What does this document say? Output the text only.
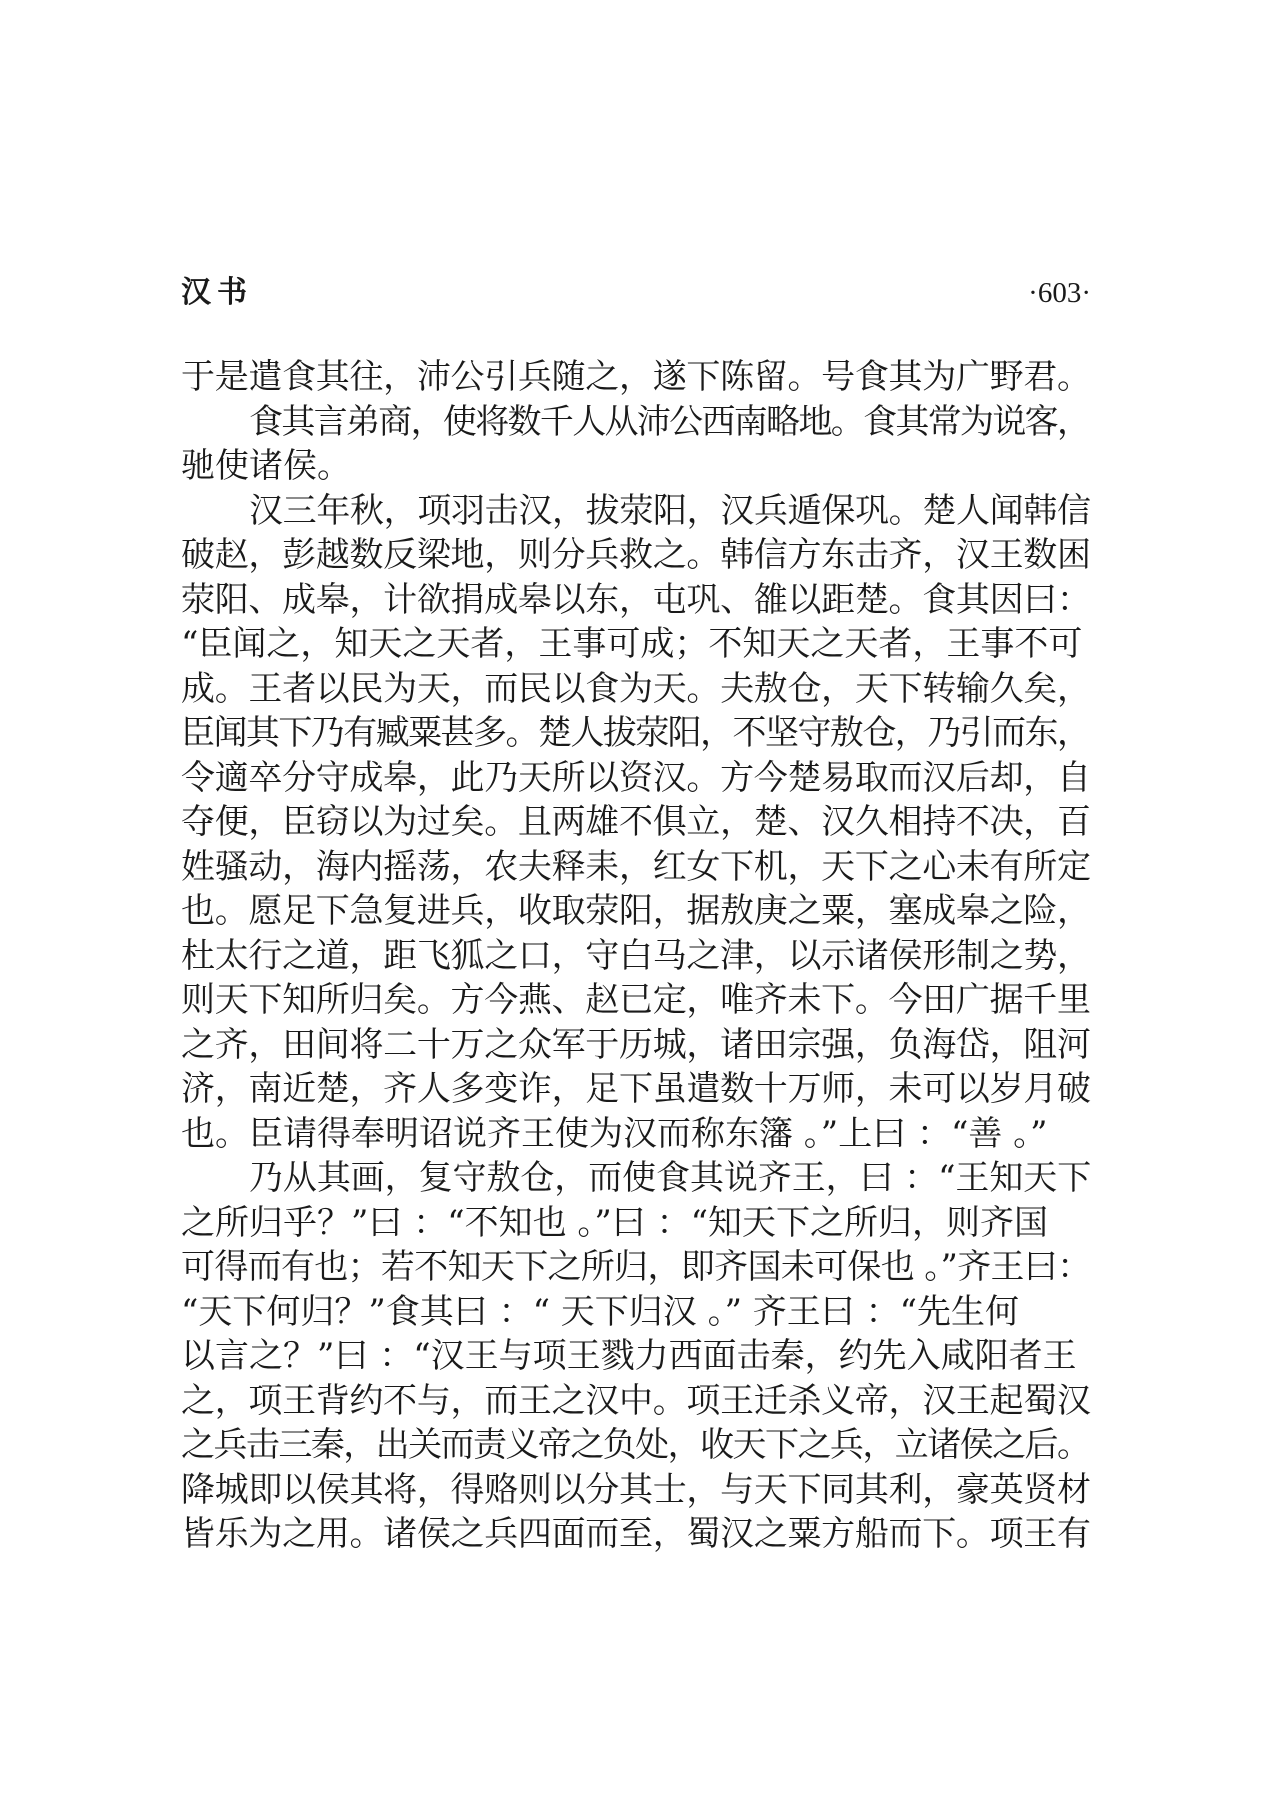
汉书	·603·
于是遣食其往，沛公引兵随之，遂下陈留。号食其为广野君。
食其言弟商，使将数千人从沛公西南略地。食其常为说客，
驰使诸侯。
汉三年秋，项羽击汉，拔荥阳，汉兵遁保巩。楚人闻韩信
破赵，彭越数反梁地，则分兵救之。韩信方东击齐，汉王数困
荥阳、成皋，计欲捐成皋以东，屯巩、雒以距楚。食其因曰：
“臣闻之，知天之天者，王事可成；不知天之天者，王事不可
成。王者以民为天，而民以食为天。夫敖仓，天下转输久矣，
臣闻其下乃有臧粟甚多。楚人拔荥阳，不坚守敖仓，乃引而东，
令適卒分守成皋，此乃天所以资汉。方今楚易取而汉后却，自
夺便，臣窃以为过矣。且两雄不俱立，楚、汉久相持不决，百
姓骚动，海内摇荡，农夫释耒，红女下机，天下之心未有所定
也。愿足下急复进兵，收取荥阳，据敖庚之粟，塞成皋之险，
杜太行之道，距飞狐之口，守白马之津，以示诸侯形制之势，
则天下知所归矣。方今燕、赵已定，唯齐未下。今田广据千里
之齐，田间将二十万之众军于历城，诸田宗强，负海岱，阻河
济，南近楚，齐人多变诈，足下虽遣数十万师，未可以岁月破
也。臣请得奉明诏说齐王使为汉而称东籓 。”上曰 ：“善 。”
乃从其画，复守敖仓，而使食其说齐王，曰 ：“王知天下
之所归乎？”曰 ：“不知也 。”曰 ：“知天下之所归，则齐国
可得而有也；若不知天下之所归，即齐国未可保也 。”齐王曰：
“天下何归？”食其曰 ：“ 天下归汉 。” 齐王曰 ：“先生何
以言之？”曰 ：“汉王与项王戮力西面击秦，约先入咸阳者王
之，项王背约不与，而王之汉中。项王迁杀义帝，汉王起蜀汉
之兵击三秦，出关而责义帝之负处，收天下之兵，立诸侯之后。
降城即以侯其将，得赂则以分其士，与天下同其利，豪英贤材
皆乐为之用。诸侯之兵四面而至，蜀汉之粟方船而下。项王有
